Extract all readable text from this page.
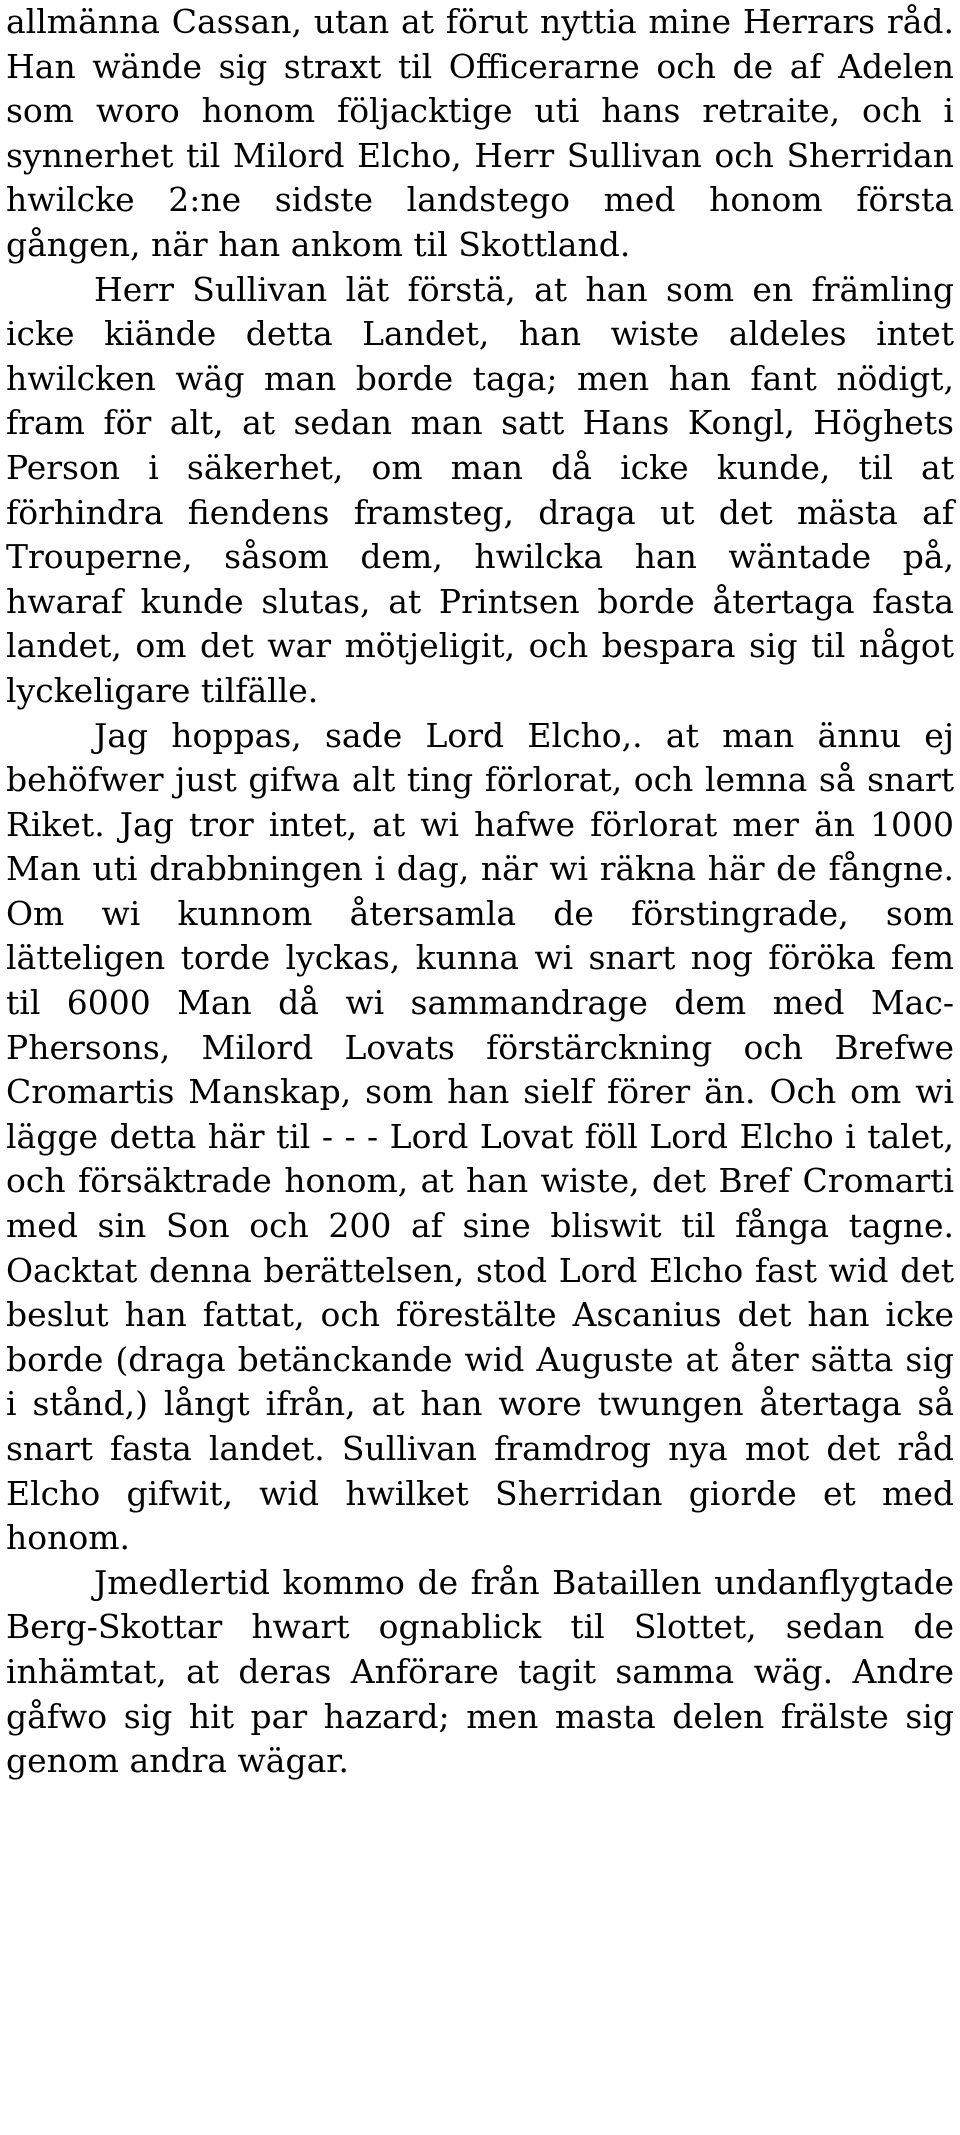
allmänna Cassan, utan at förut nyttia mine Herrars råd. Han wände sig straxt til Officerarne och de af Adelen som woro honom följacktige uti hans retraite, och i synnerhet til Milord Elcho, Herr Sullivan och Sherridan hwilcke 2:ne sidste landstego med honom första gången, när han ankom til Skottland.

Herr Sullivan lät förstä, at han som en främling icke kiände detta Landet, han wiste aldeles intet hwilcken wäg man borde taga; men han fant nödigt, fram för alt, at sedan man satt Hans Kongl, Höghets Person i säkerhet, om man då icke kunde, til at förhindra fiendens framsteg, draga ut det mästa af Trouperne, såsom dem, hwilcka han wäntade på, hwaraf kunde slutas, at Printsen borde återtaga fasta landet, om det war mötjeligit, och bespara sig til något lyckeligare tilfälle.

Jag hoppas, sade Lord Elcho,. at man ännu ej behöfwer just gifwa alt ting förlorat, och lemna så snart Riket. Jag tror intet, at wi hafwe förlorat mer än 1000 Man uti drabbningen i dag, när wi räkna här de fångne. Om wi kunnom återsamla de förstingrade, som lätteligen torde lyckas, kunna wi snart nog föröka fem til 6000 Man då wi sammandrage dem med Mac-Phersons, Milord Lovats förstärckning och Brefwe Cromartis Manskap, som han sielf förer än. Och om wi lägge detta här til - - - Lord Lovat föll Lord Elcho i talet, och försäktrade honom, at han wiste, det Bref Cromarti med sin Son och 200 af sine bliswit til fånga tagne. Oacktat denna berättelsen, stod Lord Elcho fast wid det beslut han fattat, och förestälte Ascanius det han icke borde (draga betänckande wid Auguste at åter sätta sig i stånd,) långt ifrån, at han wore twungen återtaga så snart fasta landet. Sullivan framdrog nya mot det råd Elcho gifwit, wid hwilket Sherridan giorde et med honom.

Jmedlertid kommo de från Bataillen undanflygtade Berg-Skottar hwart ognablick til Slottet, sedan de inhämtat, at deras Anförare tagit samma wäg. Andre gåfwo sig hit par hazard; men masta delen frälste sig genom andra wägar.
